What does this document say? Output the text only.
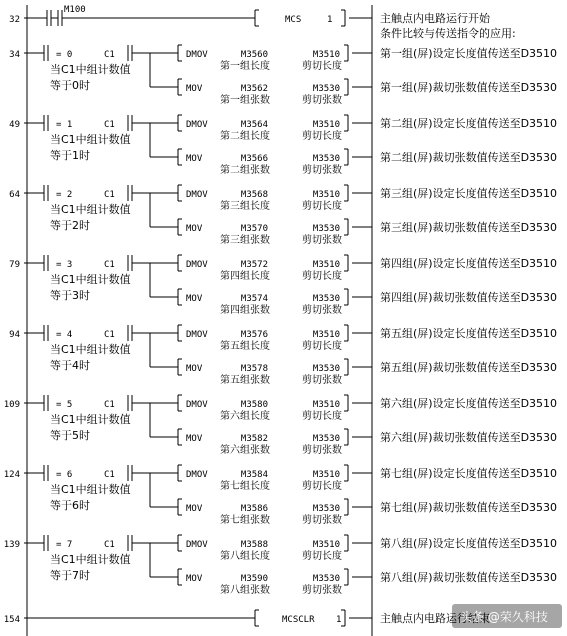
32
M100
MCS	1	主触点内电路运行开始
条件比较与传送指令的应用:
34	= 0	C1
当C1中组计数值
等于0时
DMOV	M3560	M3510
第一组长度	剪切长度
第一组(屏)设定长度值传送至D3510
MOV	M3562	M3530
第一组张数	剪切张数
第一组(屏)裁切张数值传送至D3530
49	= 1	C1
当C1中组计数值
等于1时
DMOV	M3564	M3510
第二组长度	剪切长度
第二组(屏)设定长度值传送至D3510
MOV	M3566	M3530
第二组张数	剪切张数
第二组(屏)裁切张数值传送至D3530
64	= 2	C1
当C1中组计数值
等于2时
DMOV	M3568	M3510
第三组长度	剪切长度
第三组(屏)设定长度值传送至D3510
MOV	M3570	M3530
第三组张数	剪切张数
第三组(屏)裁切张数值传送至D3530
79	= 3	C1
当C1中组计数值
等于3时
DMOV	M3572	M3510
第四组长度	剪切长度
第四组(屏)设定长度值传送至D3510
MOV	M3574	M3530
第四组张数	剪切张数
第四组(屏)裁切张数值传送至D3530
94	= 4	C1
当C1中组计数值
等于4时
DMOV	M3576	M3510
第五组长度	剪切长度
第五组(屏)设定长度值传送至D3510
MOV	M3578	M3530
第五组张数	剪切张数
第五组(屏)裁切张数值传送至D3530
109	= 5	C1
当C1中组计数值
等于5时
DMOV	M3580	M3510
第六组长度	剪切长度
第六组(屏)设定长度值传送至D3510
MOV	M3582	M3530
第六组张数	剪切张数
第六组(屏)裁切张数值传送至D3530
124	= 6	C1
当C1中组计数值
等于6时
DMOV	M3584	M3510
第七组长度	剪切长度
第七组(屏)设定长度值传送至D3510
MOV	M3586	M3530
第七组张数	剪切张数
第七组(屏)裁切张数值传送至D3530
139	= 7	C1
当C1中组计数值
等于7时
DMOV	M3588	M3510
第八组长度	剪切长度
第八组(屏)设定长度值传送至D3510
MOV	M3590	M3530
第八组张数	剪切张数
第八组(屏)裁切张数值传送至D3530
154	MCSCLR 1	主触点内电路运行结束
头条 @荣久科技
